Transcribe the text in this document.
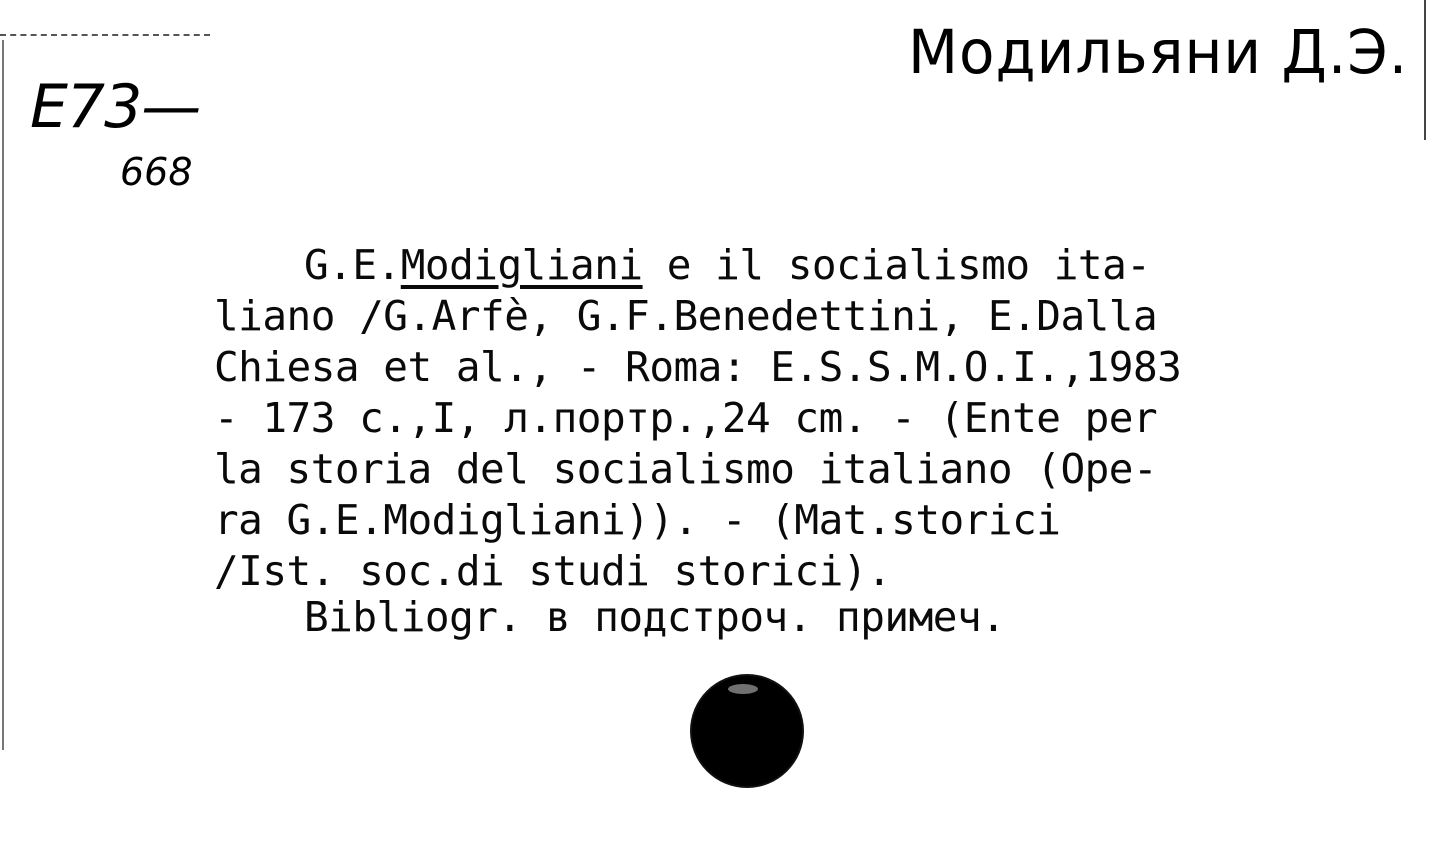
Модильяни Д.Э.
E73—
668
G.E.Modigliani e il socialismo ita-
liano /G.Arfè, G.F.Benedettini, E.Dalla
Chiesa et al., - Roma: E.S.S.M.O.I.,1983
- 173 c.,I, л.портр.,24 cm. - (Ente per
la storia del socialismo italiano (Ope-
ra G.E.Modigliani)). - (Mat.storici
/Ist. soc.di studi storici).
Bibliogr. в подстроч. примеч.
